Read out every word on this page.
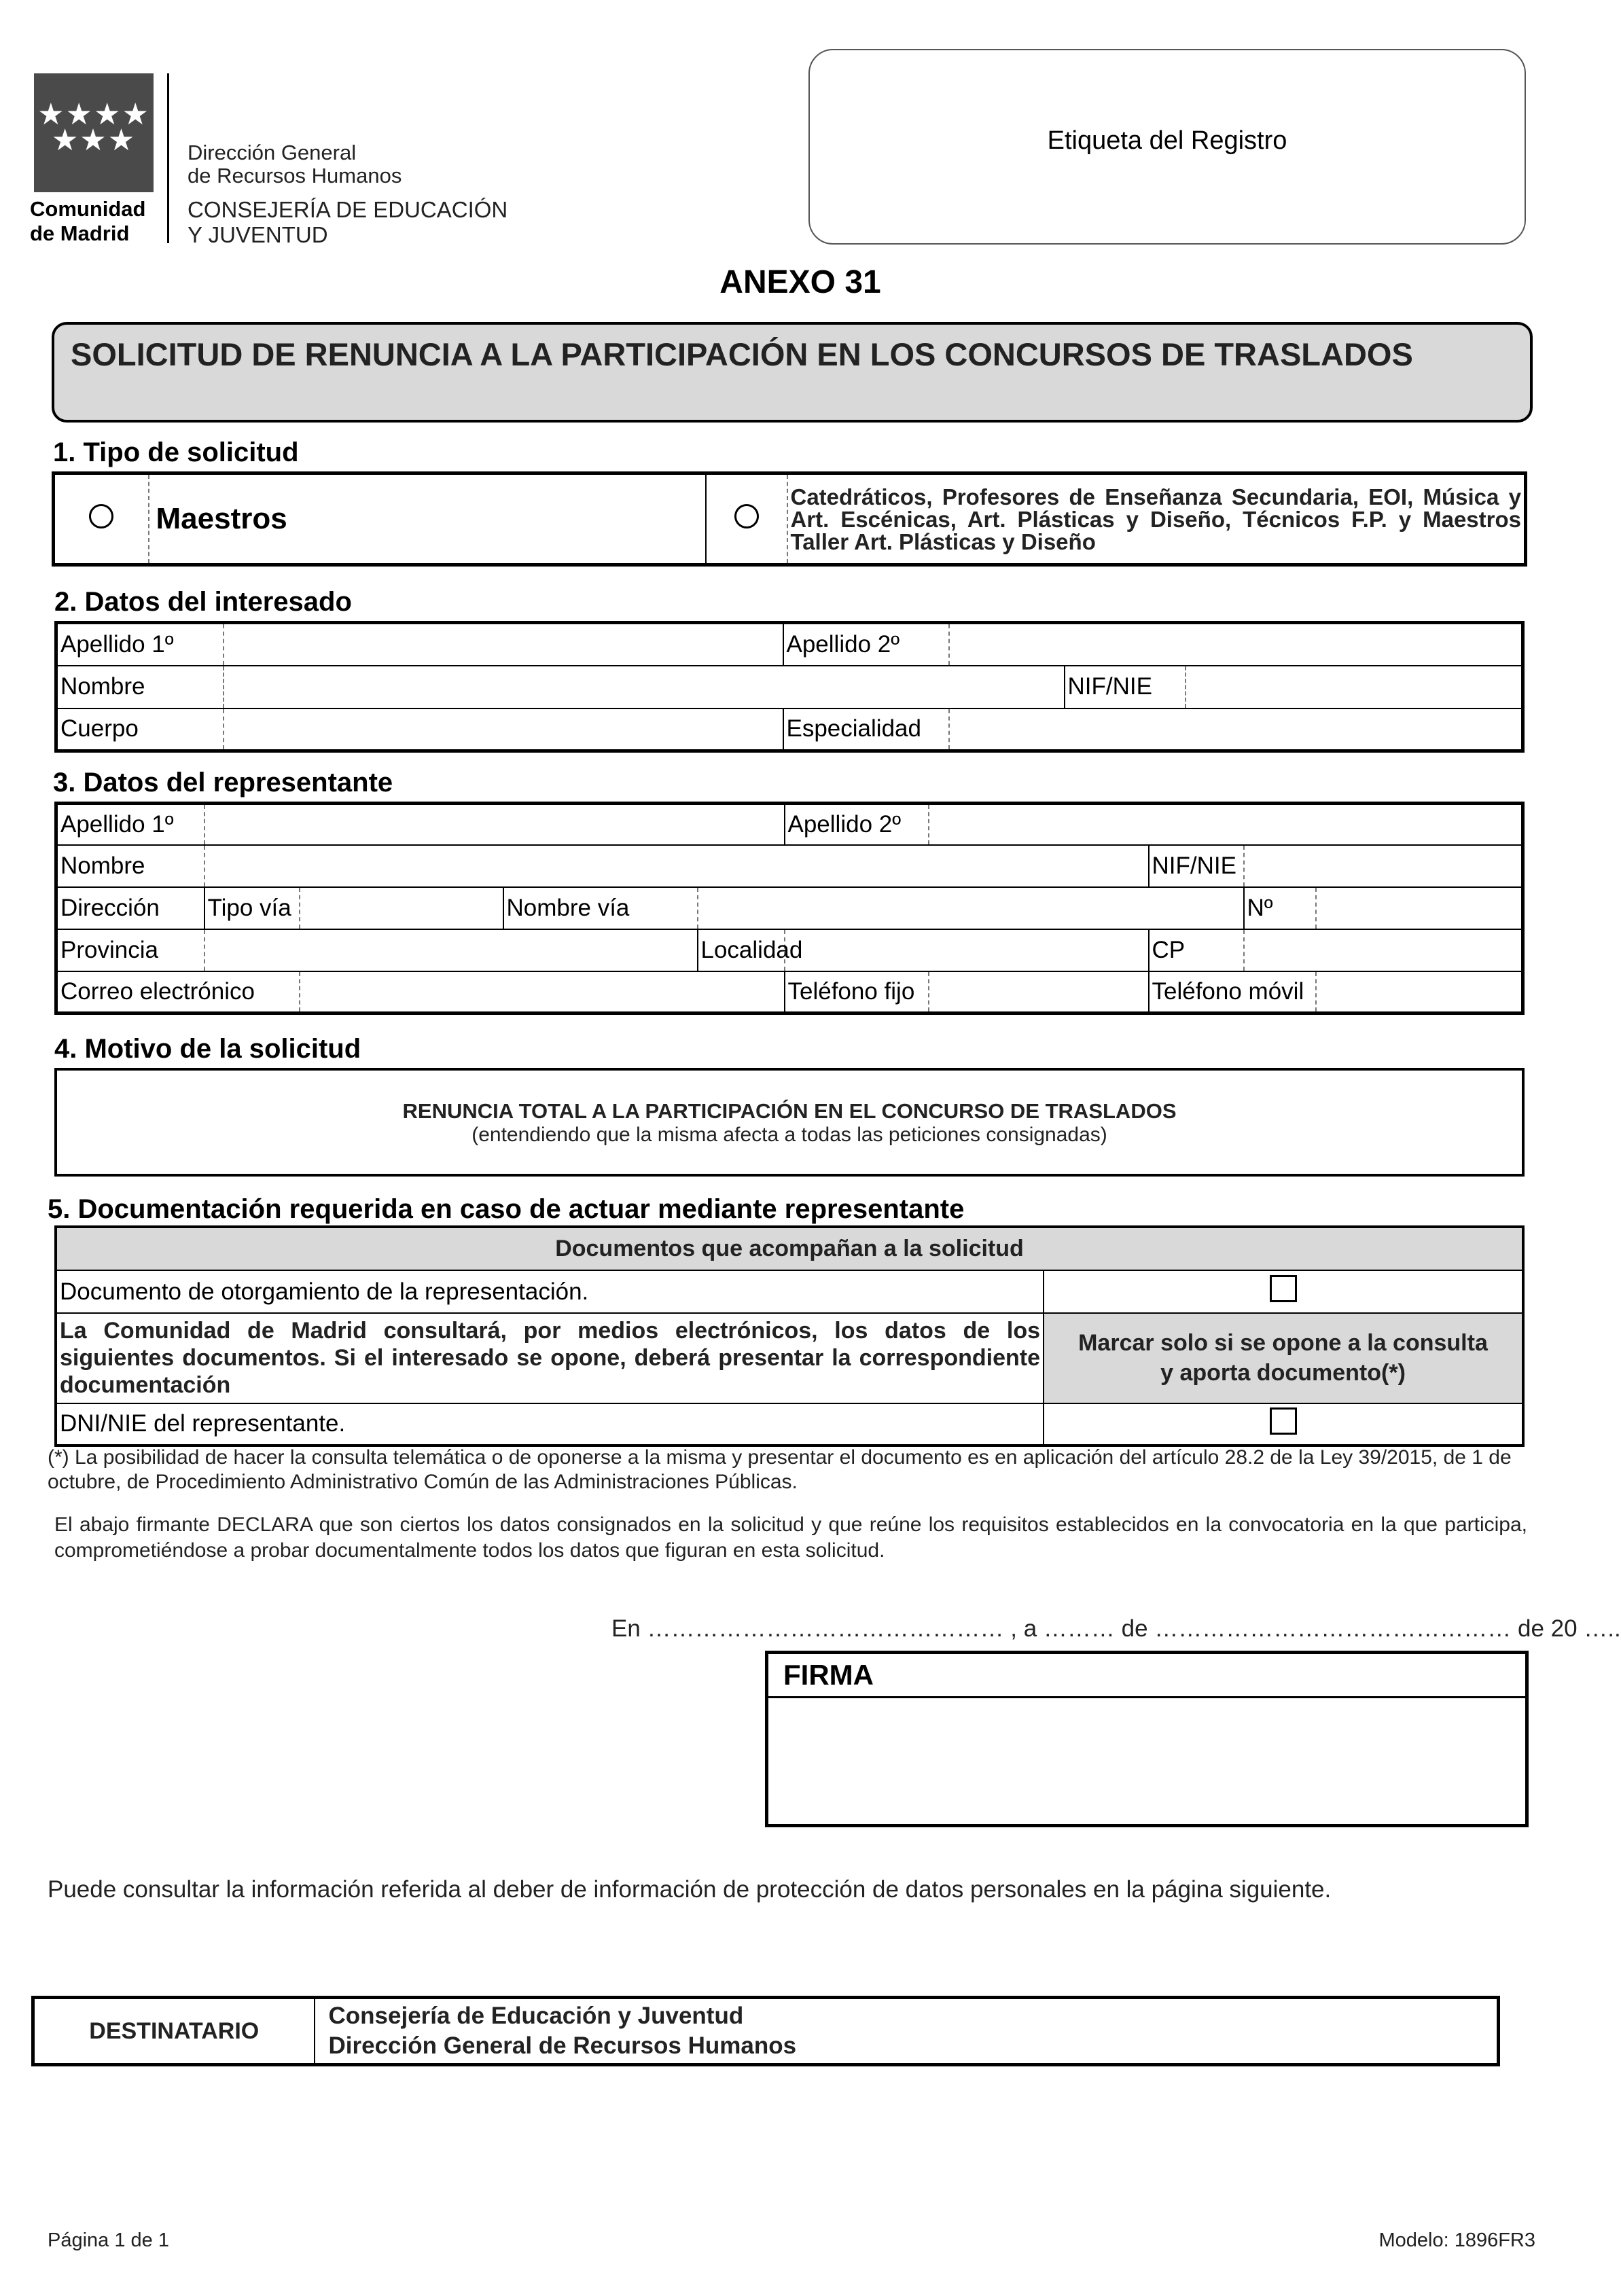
★★★★
★★★
Comunidad
de Madrid
Dirección General
de Recursos Humanos
CONSEJERÍA DE EDUCACIÓN
Y JUVENTUD
Etiqueta del Registro
ANEXO 31
SOLICITUD DE RENUNCIA A LA PARTICIPACIÓN EN LOS CONCURSOS DE TRASLADOS
1. Tipo de solicitud
	Maestros		Catedráticos, Profesores de Enseñanza Secundaria, EOI, Música y Art. Escénicas, Art. Plásticas y Diseño, Técnicos F.P. y Maestros Taller Art. Plásticas y Diseño
2. Datos del interesado
Apellido 1º		Apellido 2º			
Nombre				NIF/NIE	
Cuerpo		Especialidad			
3. Datos del representante
Apellido 1º					Apellido 2º				
Nombre							NIF/NIE		
Dirección	Tipo vía		Nombre vía					Nº	
Provincia				Localidad			CP		
Correo electrónico					Teléfono fijo		Teléfono móvil		
4. Motivo de la solicitud
RENUNCIA TOTAL A LA PARTICIPACIÓN EN EL CONCURSO DE TRASLADOS
(entendiendo que la misma afecta a todas las peticiones consignadas)
5. Documentación requerida en caso de actuar mediante representante
Documentos que acompañan a la solicitud	
Documento de otorgamiento de la representación.	
La Comunidad de Madrid consultará, por medios electrónicos, los datos de los siguientes documentos. Si el interesado se opone, deberá presentar la correspondiente documentación	Marcar solo si se opone a la consulta y aporta documento(*)
DNI/NIE del representante.	
(*) La posibilidad de hacer la consulta telemática o de oponerse a la misma y presentar el documento es en aplicación del artículo 28.2 de la Ley 39/2015, de 1 de octubre, de Procedimiento Administrativo Común de las Administraciones Públicas.
El abajo firmante DECLARA que son ciertos los datos consignados en la solicitud y que reúne los requisitos establecidos en la convocatoria en la que participa, comprometiéndose a probar documentalmente todos los datos que figuran en esta solicitud.
En ……………………………………… , a ……… de ……………………………………… de 20 …..
FIRMA
Puede consultar la información referida al deber de información de protección de datos personales en la página siguiente.
DESTINATARIO	
Consejería de Educación y Juventud
Dirección General de Recursos Humanos
Página 1 de 1	Modelo: 1896FR3
